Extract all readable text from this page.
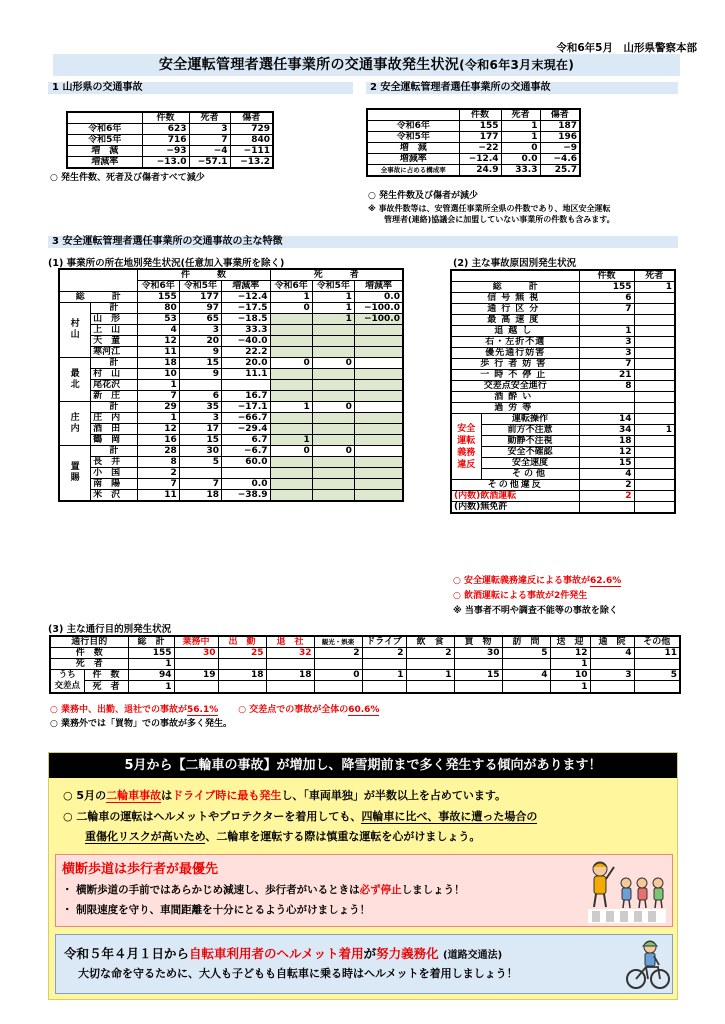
令和6年5月　山形県警察本部
安全運転管理者選任事業所の交通事故発生状況(令和6年3月末現在)
1 山形県の交通事故
	件数	死者	傷者
令和6年	623	3	729
令和5年	716	7	840
増　減	−93	−4	−111
増減率	−13.0	−57.1	−13.2
○ 発生件数、死者及び傷者すべて減少
2 安全運転管理者選任事業所の交通事故
	件数	死者	傷者
令和6年	155	1	187
令和5年	177	1	196
増　減	−22	0	−9
増減率	−12.4	0.0	−4.6
全事故に占める構成率	24.9	33.3	25.7
○ 発生件数及び傷者が減少
※ 事故件数等は、安管選任事業所全県の件数であり、地区安全運転
管理者(連絡)協議会に加盟していない事業所の件数も含みます。
3 安全運転管理者選任事業所の交通事故の主な特徴
(1) 事業所の所在地別発生状況(任意加入事業所を除く)
		件　　　数			死　　　者		
		令和6年	令和5年	増減率	令和6年	令和5年	増減率
総　　　計		155	177	−12.4	1	1	0.0
村
山	計	80	97	−17.5	0	1	−100.0
	山　形	53	65	−18.5		1	−100.0
	上　山	4	3	33.3			
	天　童	12	20	−40.0			
	寒河江	11	9	22.2			
最
北	計	18	15	20.0	0	0	
	村　山	10	9	11.1			
	尾花沢	1					
	新　庄	7	6	16.7			
庄
内	計	29	35	−17.1	1	0	
	庄　内	1	3	−66.7			
	酒　田	12	17	−29.4			
	鶴　岡	16	15	6.7	1		
置
賜	計	28	30	−6.7	0	0	
	長　井	8	5	60.0			
	小　国	2					
	南　陽	7	7	0.0			
	米　沢	11	18	−38.9			
(2) 主な事故原因別発生状況
		件数	死者
総　　　計		155	1
信号無視		6	
通行区分		7	
最高速度			
追越し		1	
右・左折不適		3	
優先通行妨害		3	
歩行者妨害		7	
一時不停止		21	
交差点安全進行		8	
酒酔い			
過労等			
安全
運転
義務
違反	運転操作	14	
	前方不注意	34	1
	動静不注視	18	
	安全不確認	12	
	安全速度	15	
	その他	4	
その他違反		2	
(内数)飲酒運転		2	
(内数)無免許			
○ 安全運転義務違反による事故が62.6%
○ 飲酒運転による事故が2件発生
※ 当事者不明や調査不能等の事故を除く
(3) 主な通行目的別発生状況
通行目的		総　計	業務中	出　勤	退　社	観光・娯楽	ドライブ	飲　食	買　物	訪　問	送　迎	通　院	その他
件　数		155	30	25	32	2	2	2	30	5	12	4	11
死　者		1									1		
うち
交差点	件　数	94	19	18	18	0	1	1	15	4	10	3	5
	死　者	1									1		
○ 業務中、出勤、退社での事故が56.1% ○ 交差点での事故が全体の60.6%
○ 業務外では「買物」での事故が多く発生。
5月から【二輪車の事故】が増加し、降雪期前まで多く発生する傾向があります！
○ 5月の二輪車事故はドライブ時に最も発生し、「車両単独」が半数以上を占めています。
○ 二輪車の運転はヘルメットやプロテクターを着用しても、四輪車に比べ、事故に遭った場合の
重傷化リスクが高いため、二輪車を運転する際は慎重な運転を心がけましょう。
横断歩道は歩行者が最優先
・ 横断歩道の手前ではあらかじめ減速し、歩行者がいるときは必ず停止しましょう！
・ 制限速度を守り、車間距離を十分にとるよう心がけましょう！
令和５年４月１日から自転車利用者のヘルメット着用が努力義務化 (道路交通法)
大切な命を守るために、大人も子どもも自転車に乗る時はヘルメットを着用しましょう！
